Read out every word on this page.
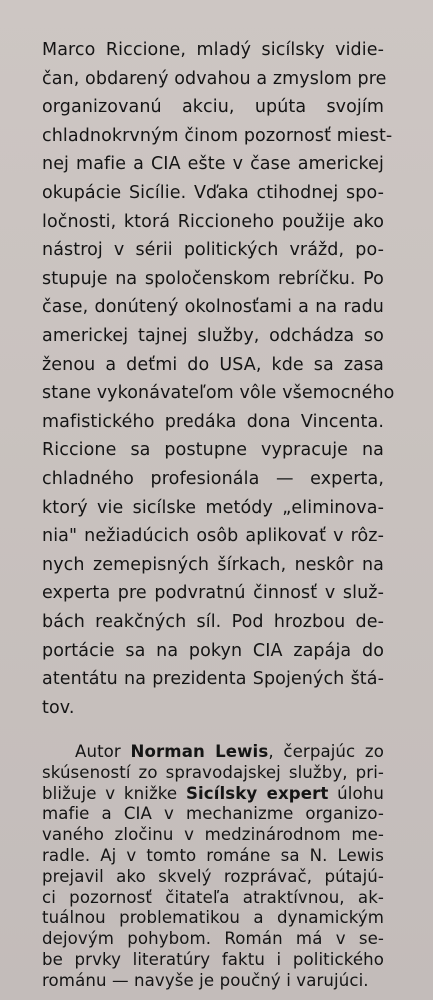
Marco Riccione, mladý sicílsky vidie-
čan, obdarený odvahou a zmyslom pre
organizovanú akciu, upúta svojím
chladnokrvným činom pozornosť miest-
nej mafie a CIA ešte v čase americkej
okupácie Sicílie. Vďaka ctihodnej spo-
ločnosti, ktorá Riccioneho použije ako
nástroj v sérii politických vrážd, po-
stupuje na spoločenskom rebríčku. Po
čase, donútený okolnosťami a na radu
americkej tajnej služby, odchádza so
ženou a deťmi do USA, kde sa zasa
stane vykonávateľom vôle všemocného
mafistického predáka dona Vincenta.
Riccione sa postupne vypracuje na
chladného profesionála — experta,
ktorý vie sicílske metódy „eliminova-
nia" nežiadúcich osôb aplikovať v rôz-
nych zemepisných šírkach, neskôr na
experta pre podvratnú činnosť v služ-
bách reakčných síl. Pod hrozbou de-
portácie sa na pokyn CIA zapája do
atentátu na prezidenta Spojených štá-
tov.
Autor Norman Lewis, čerpajúc zo
skúseností zo spravodajskej služby, pri-
bližuje v knižke Sicílsky expert úlohu
mafie a CIA v mechanizme organizo-
vaného zločinu v medzinárodnom me-
radle. Aj v tomto románe sa N. Lewis
prejavil ako skvelý rozprávač, pútajú-
ci pozornosť čitateľa atraktívnou, ak-
tuálnou problematikou a dynamickým
dejovým pohybom. Román má v se-
be prvky literatúry faktu i politického
románu — navyše je poučný i varujúci.
